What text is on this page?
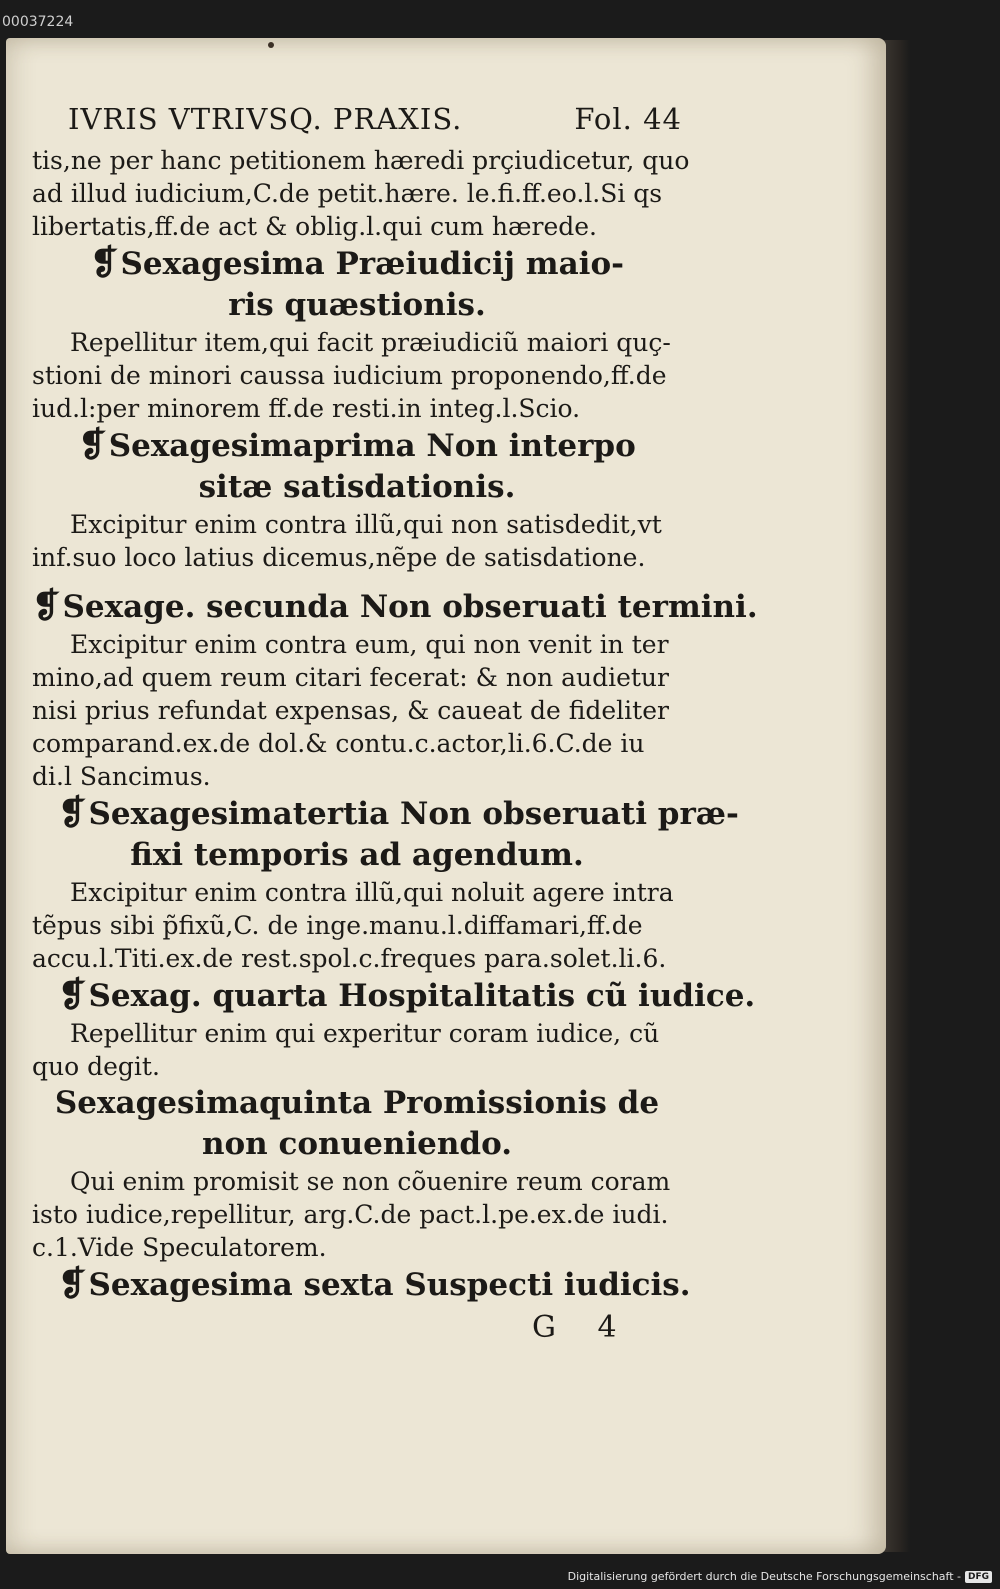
00037224
IVRIS VTRIVSQ. PRAXIS.	Fol. 44
tis,ne per hanc petitionem hæredi prçiudicetur, quo
ad illud iudicium,C.de petit.hære. le.fi.ff.eo.l.Si qs
libertatis,ff.de act & oblig.l.qui cum hærede.
❡Sexagesima Præiudicij maio-
ris quæstionis.
Repellitur item,qui facit præiudiciũ maiori quç-
stioni de minori caussa iudicium proponendo,ff.de
iud.l:per minorem ff.de resti.in integ.l.Scio.
❡Sexagesimaprima Non interpo
sitæ satisdationis.
Excipitur enim contra illũ,qui non satisdedit,vt
inf.suo loco latius dicemus,nẽpe de satisdatione.
❡Sexage. secunda Non obseruati termini.
Excipitur enim contra eum, qui non venit in ter
mino,ad quem reum citari fecerat: & non audietur
nisi prius refundat expensas, & caueat de fideliter
comparand.ex.de dol.& contu.c.actor,li.6.C.de iu
di.l Sancimus.
❡Sexagesimatertia Non obseruati præ-
fixi temporis ad agendum.
Excipitur enim contra illũ,qui noluit agere intra
tẽpus sibi p̃fixũ,C. de inge.manu.l.diffamari,ff.de
accu.l.Titi.ex.de rest.spol.c.freques para.solet.li.6.
❡Sexag. quarta Hospitalitatis cũ iudice.
Repellitur enim qui experitur coram iudice, cũ
quo degit.
Sexagesimaquinta Promissionis de
non conueniendo.
Qui enim promisit se non cõuenire reum coram
isto iudice,repellitur, arg.C.de pact.l.pe.ex.de iudi.
c.1.Vide Speculatorem.
❡Sexagesima sexta Suspecti iudicis.
G 4
Digitalisierung gefördert durch die Deutsche Forschungsgemeinschaft - DFG
